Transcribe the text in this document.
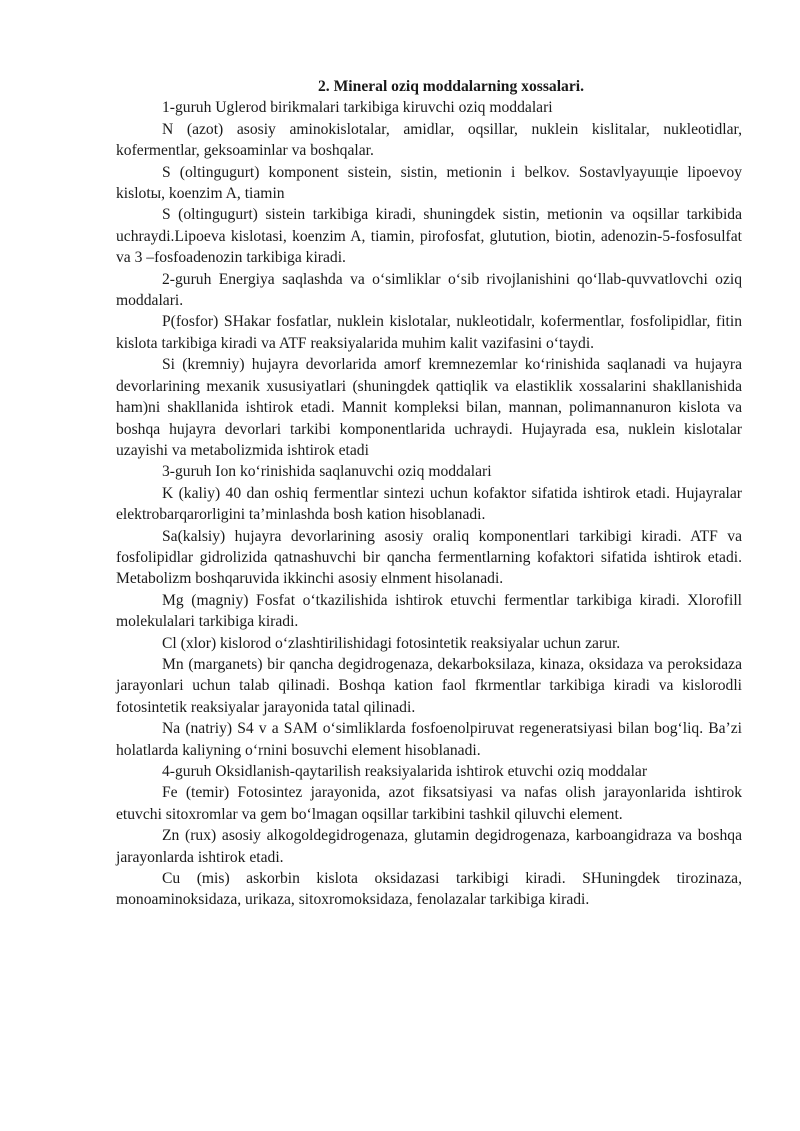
2. Mineral oziq moddalarning xossalari.

1-guruh Uglerod birikmalari tarkibiga kiruvchi oziq moddalari

N (azot) asosiy aminokislotalar, amidlar, oqsillar, nuklein kislitalar, nukleotidlar, kofermentlar, geksoaminlar va boshqalar.

S (oltingugurt) komponent sistein, sistin, metionin i belkov. Sostavlyayuщie lipoevoy kislotы, koenzim A, tiamin

S (oltingugurt) sistein tarkibiga kiradi, shuningdek sistin, metionin va oqsillar tarkibida uchraydi.Lipoeva kislotasi, koenzim A, tiamin, pirofosfat, glutution, biotin, adenozin-5-fosfosulfat va 3 –fosfoadenozin tarkibiga kiradi.

2-guruh Energiya saqlashda va o‘simliklar o‘sib rivojlanishini qo‘llab-quvvatlovchi oziq moddalari.

P(fosfor) SHakar fosfatlar, nuklein kislotalar, nukleotidalr, kofermentlar, fosfolipidlar, fitin kislota tarkibiga kiradi va ATF reaksiyalarida muhim kalit vazifasini o‘taydi.

Si (kremniy) hujayra devorlarida amorf kremnezemlar ko‘rinishida saqlanadi va hujayra devorlarining mexanik xususiyatlari (shuningdek qattiqlik va elastiklik xossalarini shakllanishida ham)ni shakllanida ishtirok etadi. Mannit kompleksi bilan, mannan, polimannanuron kislota va boshqa hujayra devorlari tarkibi komponentlarida uchraydi. Hujayrada esa, nuklein kislotalar uzayishi va metabolizmida ishtirok etadi

3-guruh Ion ko‘rinishida saqlanuvchi oziq moddalari

K (kaliy) 40 dan oshiq fermentlar sintezi uchun kofaktor sifatida ishtirok etadi. Hujayralar elektrobarqarorligini ta’minlashda bosh kation hisoblanadi.

Sa(kalsiy) hujayra devorlarining asosiy oraliq komponentlari tarkibigi kiradi. ATF va fosfolipidlar gidrolizida qatnashuvchi bir qancha fermentlarning kofaktori sifatida ishtirok etadi. Metabolizm boshqaruvida ikkinchi asosiy elnment hisolanadi.

Mg (magniy) Fosfat o‘tkazilishida ishtirok etuvchi fermentlar tarkibiga kiradi. Xlorofill molekulalari tarkibiga kiradi.

Cl (xlor) kislorod o‘zlashtirilishidagi fotosintetik reaksiyalar uchun zarur.

Mn (marganets) bir qancha degidrogenaza, dekarboksilaza, kinaza, oksidaza va peroksidaza jarayonlari uchun talab qilinadi. Boshqa kation faol fkrmentlar tarkibiga kiradi va kislorodli fotosintetik reaksiyalar jarayonida tatal qilinadi.

Na (natriy) S4 v a SAM o‘simliklarda fosfoenolpiruvat regeneratsiyasi bilan bog‘liq. Ba’zi holatlarda kaliyning o‘rnini bosuvchi element hisoblanadi.

4-guruh Oksidlanish-qaytarilish reaksiyalarida ishtirok etuvchi oziq moddalar

Fe (temir) Fotosintez jarayonida, azot fiksatsiyasi va nafas olish jarayonlarida ishtirok etuvchi sitoxromlar va gem bo‘lmagan oqsillar tarkibini tashkil qiluvchi element.

Zn (rux) asosiy alkogoldegidrogenaza, glutamin degidrogenaza, karboangidraza va boshqa jarayonlarda ishtirok etadi.

Cu (mis) askorbin kislota oksidazasi tarkibigi kiradi. SHuningdek tirozinaza, monoaminoksidaza, urikaza, sitoxromoksidaza, fenolazalar tarkibiga kiradi.
